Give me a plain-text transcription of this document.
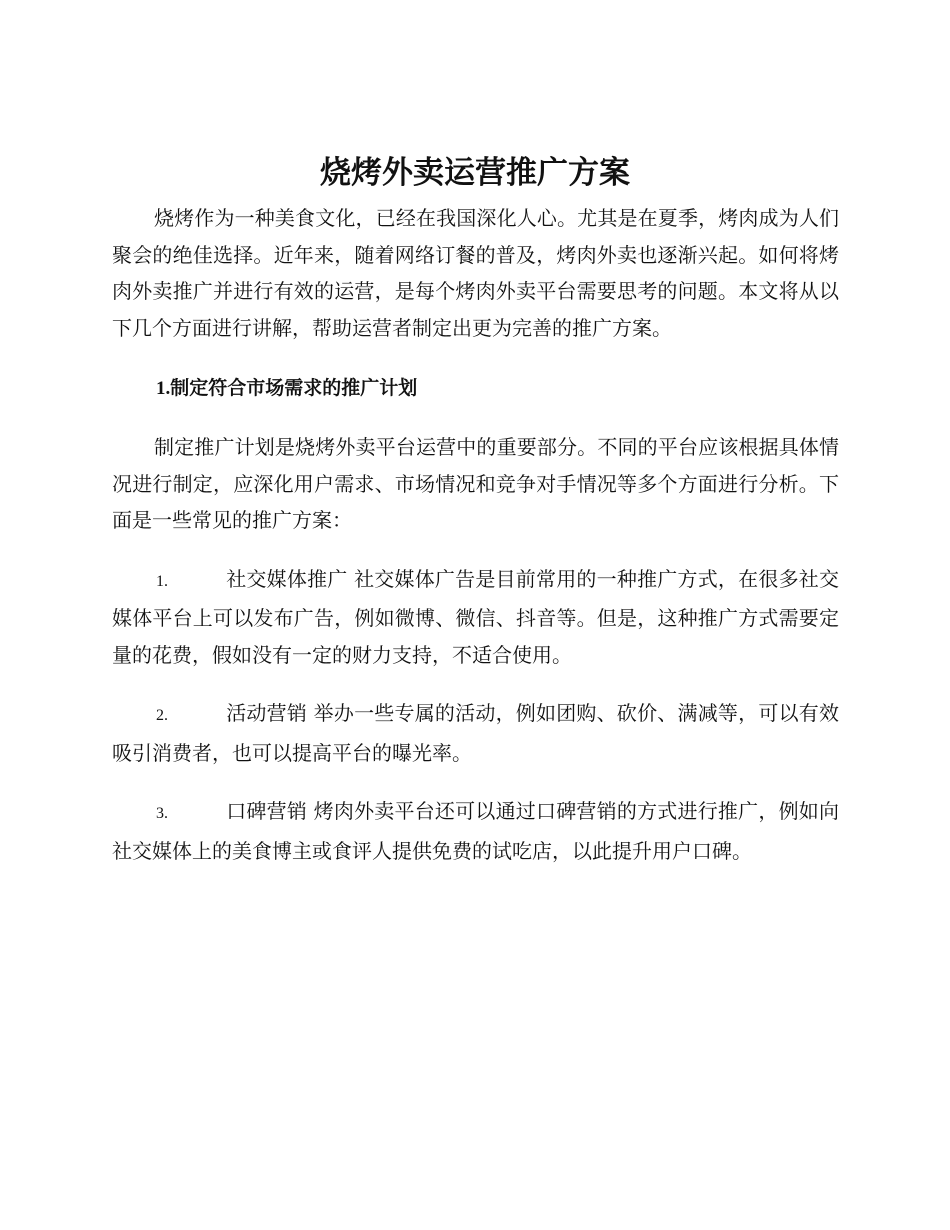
烧烤外卖运营推广方案

烧烤作为一种美食文化，已经在我国深化人心。尤其是在夏季，烤肉成为人们聚会的绝佳选择。近年来，随着网络订餐的普及，烤肉外卖也逐渐兴起。如何将烤肉外卖推广并进行有效的运营，是每个烤肉外卖平台需要思考的问题。本文将从以下几个方面进行讲解，帮助运营者制定出更为完善的推广方案。

1.制定符合市场需求的推广计划

制定推广计划是烧烤外卖平台运营中的重要部分。不同的平台应该根据具体情况进行制定，应深化用户需求、市场情况和竞争对手情况等多个方面进行分析。下面是一些常见的推广方案：

1.	社交媒体推广 社交媒体广告是目前常用的一种推广方式，在很多社交媒体平台上可以发布广告，例如微博、微信、抖音等。但是，这种推广方式需要定量的花费，假如没有一定的财力支持，不适合使用。

2.	活动营销 举办一些专属的活动，例如团购、砍价、满减等，可以有效吸引消费者，也可以提高平台的曝光率。

3.	口碑营销 烤肉外卖平台还可以通过口碑营销的方式进行推广，例如向社交媒体上的美食博主或食评人提供免费的试吃店，以此提升用户口碑。
